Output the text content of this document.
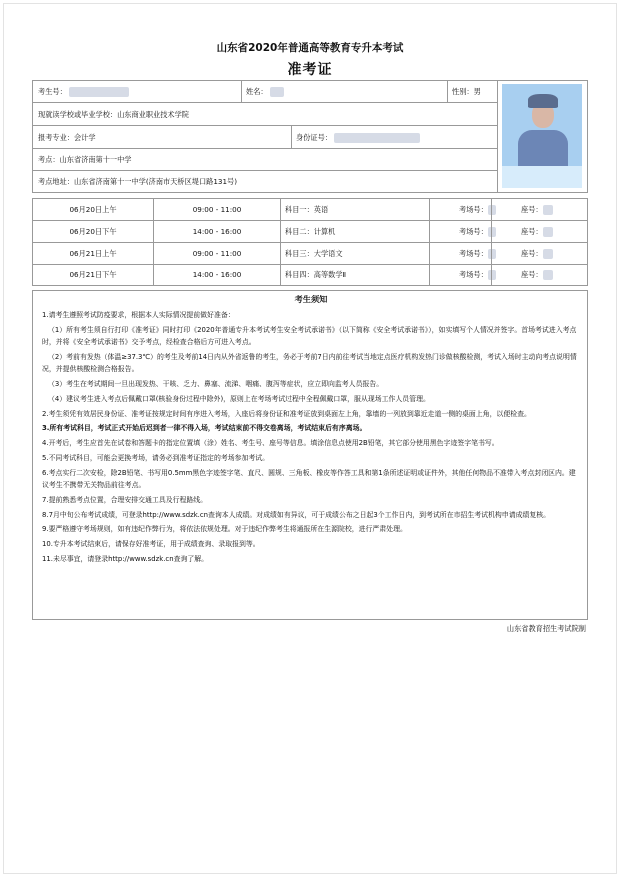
山东省2020年普通高等教育专升本考试
准考证
考生号：	姓名：	性别：男
现就读学校或毕业学校：山东商业职业技术学院
报考专业：会计学	身份证号：
考点：山东省济南第十一中学
考点地址：山东省济南第十一中学(济南市天桥区堤口路131号)
06月20日上午	09:00 - 11:00	科目一：英语	考场号：	座号：
06月20日下午	14:00 - 16:00	科目二：计算机	考场号：	座号：
06月21日上午	09:00 - 11:00	科目三：大学语文	考场号：	座号：
06月21日下午	14:00 - 16:00	科目四：高等数学Ⅱ	考场号：	座号：
考生须知

1.请考生遵照考试防疫要求，根据本人实际情况提前做好准备：

（1）所有考生须自行打印《准考证》同时打印《2020年普通专升本考试考生安全考试承诺书》（以下简称《安全考试承诺书》），如实填写个人情况并签字。首场考试进入考点时，并将《安全考试承诺书》交予考点，经检查合格后方可进入考点。

（2）考前有发热（体温≥37.3℃）的考生及考前14日内从外省返鲁的考生，务必于考前7日内前往考试当地定点医疗机构发热门诊做核酸检测，考试入场时主动向考点说明情况，并提供核酸检测合格报告。

（3）考生在考试期间一旦出现发热、干咳、乏力、鼻塞、流涕、咽痛、腹泻等症状，应立即向监考人员报告。

（4）建议考生进入考点后佩戴口罩(核验身份过程中除外)，原则上在考场考试过程中全程佩戴口罩，服从现场工作人员管理。

2.考生须凭有效居民身份证、准考证按规定时间有序进入考场，入座后将身份证和准考证放到桌面左上角，靠墙的一列放到靠近走道一侧的桌面上角，以便检查。

3.所有考试科目，考试正式开始后迟到者一律不得入场，考试结束前不得交卷离场，考试结束后有序离场。

4.开考后，考生应首先在试卷和答题卡的指定位置填（涂）姓名、考生号、座号等信息。填涂信息点使用2B铅笔，其它部分使用黑色字迹签字笔书写。

5.不同考试科目，可能会更换考场，请务必到准考证指定的考场参加考试。

6.考点实行二次安检，除2B铅笔、书写用0.5mm黑色字迹签字笔、直尺、圆规、三角板、橡皮等作答工具和第1条所述证明或证件外，其他任何物品不准带入考点封闭区内。建议考生不携带无关物品前往考点。

7.提前熟悉考点位置，合理安排交通工具及行程路线。

8.7月中旬公布考试成绩，可登录http://www.sdzk.cn查询本人成绩。对成绩如有异议，可于成绩公布之日起3个工作日内，到考试所在市招生考试机构申请成绩复核。

9.要严格遵守考场规则，如有违纪作弊行为，将依法依规处理。对于违纪作弊考生将通报所在生源院校，进行严肃处理。

10.专升本考试结束后，请保存好准考证，用于成绩查询、录取报到等。

11.未尽事宜，请登录http://www.sdzk.cn查询了解。

山东省教育招生考试院制
